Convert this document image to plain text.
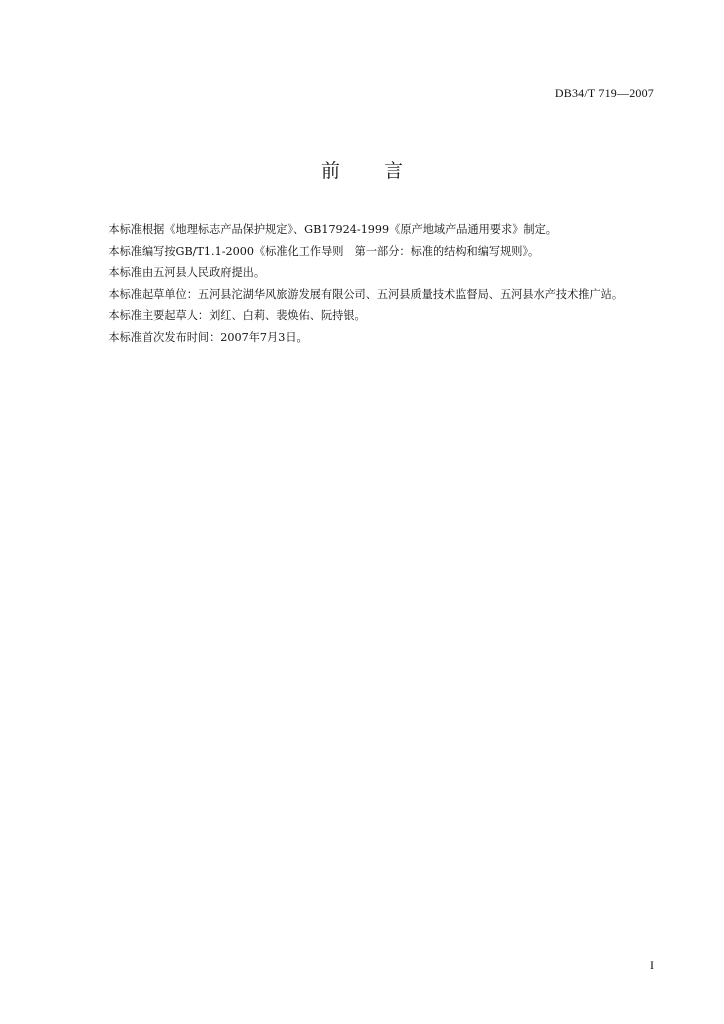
DB34/T 719—2007
前言

本标准根据《地理标志产品保护规定》、GB17924-1999《原产地域产品通用要求》制定。

本标准编写按GB/T1.1-2000《标准化工作导则　第一部分：标准的结构和编写规则》。

本标准由五河县人民政府提出。

本标准起草单位：五河县沱湖华风旅游发展有限公司、五河县质量技术监督局、五河县水产技术推广站。

本标准主要起草人：刘红、白莉、裴焕佑、阮持银。

本标准首次发布时间：2007年7月3日。

I
